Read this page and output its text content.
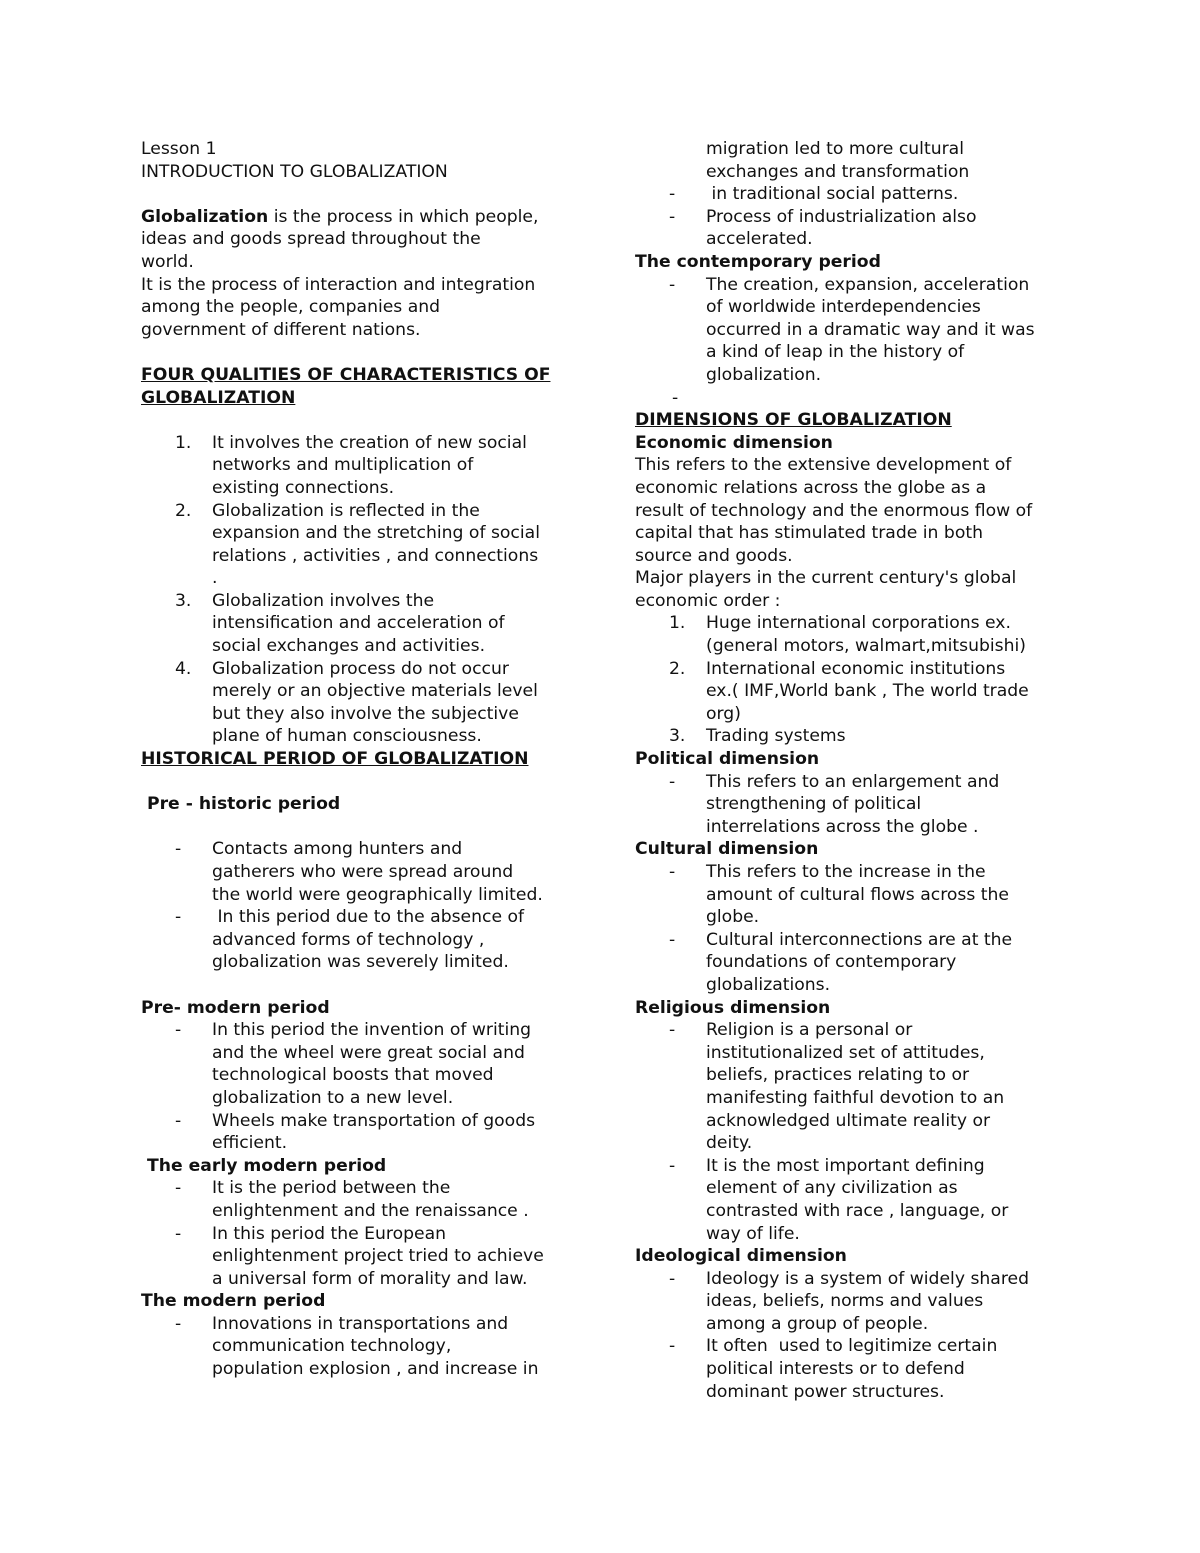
Lesson 1
INTRODUCTION TO GLOBALIZATION
Globalization is the process in which people,
ideas and goods spread throughout the
world.
It is the process of interaction and integration
among the people, companies and
government of different nations.
FOUR QUALITIES OF CHARACTERISTICS OF
GLOBALIZATION
1. It involves the creation of new social
networks and multiplication of
existing connections.
2. Globalization is reflected in the
expansion and the stretching of social
relations , activities , and connections
.
3. Globalization involves the
intensification and acceleration of
social exchanges and activities.
4. Globalization process do not occur
merely or an objective materials level
but they also involve the subjective
plane of human consciousness.
HISTORICAL PERIOD OF GLOBALIZATION
Pre - historic period
- Contacts among hunters and
gatherers who were spread around
the world were geographically limited.
- In this period due to the absence of
advanced forms of technology ,
globalization was severely limited.
Pre- modern period
- In this period the invention of writing
and the wheel were great social and
technological boosts that moved
globalization to a new level.
- Wheels make transportation of goods
efficient.
The early modern period
- It is the period between the
enlightenment and the renaissance .
- In this period the European
enlightenment project tried to achieve
a universal form of morality and law.
The modern period
- Innovations in transportations and
communication technology,
population explosion , and increase in
migration led to more cultural
exchanges and transformation
- in traditional social patterns.
- Process of industrialization also
accelerated.
The contemporary period
- The creation, expansion, acceleration
of worldwide interdependencies
occurred in a dramatic way and it was
a kind of leap in the history of
globalization.
-
DIMENSIONS OF GLOBALIZATION
Economic dimension
This refers to the extensive development of
economic relations across the globe as a
result of technology and the enormous flow of
capital that has stimulated trade in both
source and goods.
Major players in the current century's global
economic order :
1. Huge international corporations ex.
(general motors, walmart,mitsubishi)
2. International economic institutions
ex.( IMF,World bank , The world trade
org)
3. Trading systems
Political dimension
- This refers to an enlargement and
strengthening of political
interrelations across the globe .
Cultural dimension
- This refers to the increase in the
amount of cultural flows across the
globe.
- Cultural interconnections are at the
foundations of contemporary
globalizations.
Religious dimension
- Religion is a personal or
institutionalized set of attitudes,
beliefs, practices relating to or
manifesting faithful devotion to an
acknowledged ultimate reality or
deity.
- It is the most important defining
element of any civilization as
contrasted with race , language, or
way of life.
Ideological dimension
- Ideology is a system of widely shared
ideas, beliefs, norms and values
among a group of people.
- It often  used to legitimize certain
political interests or to defend
dominant power structures.
